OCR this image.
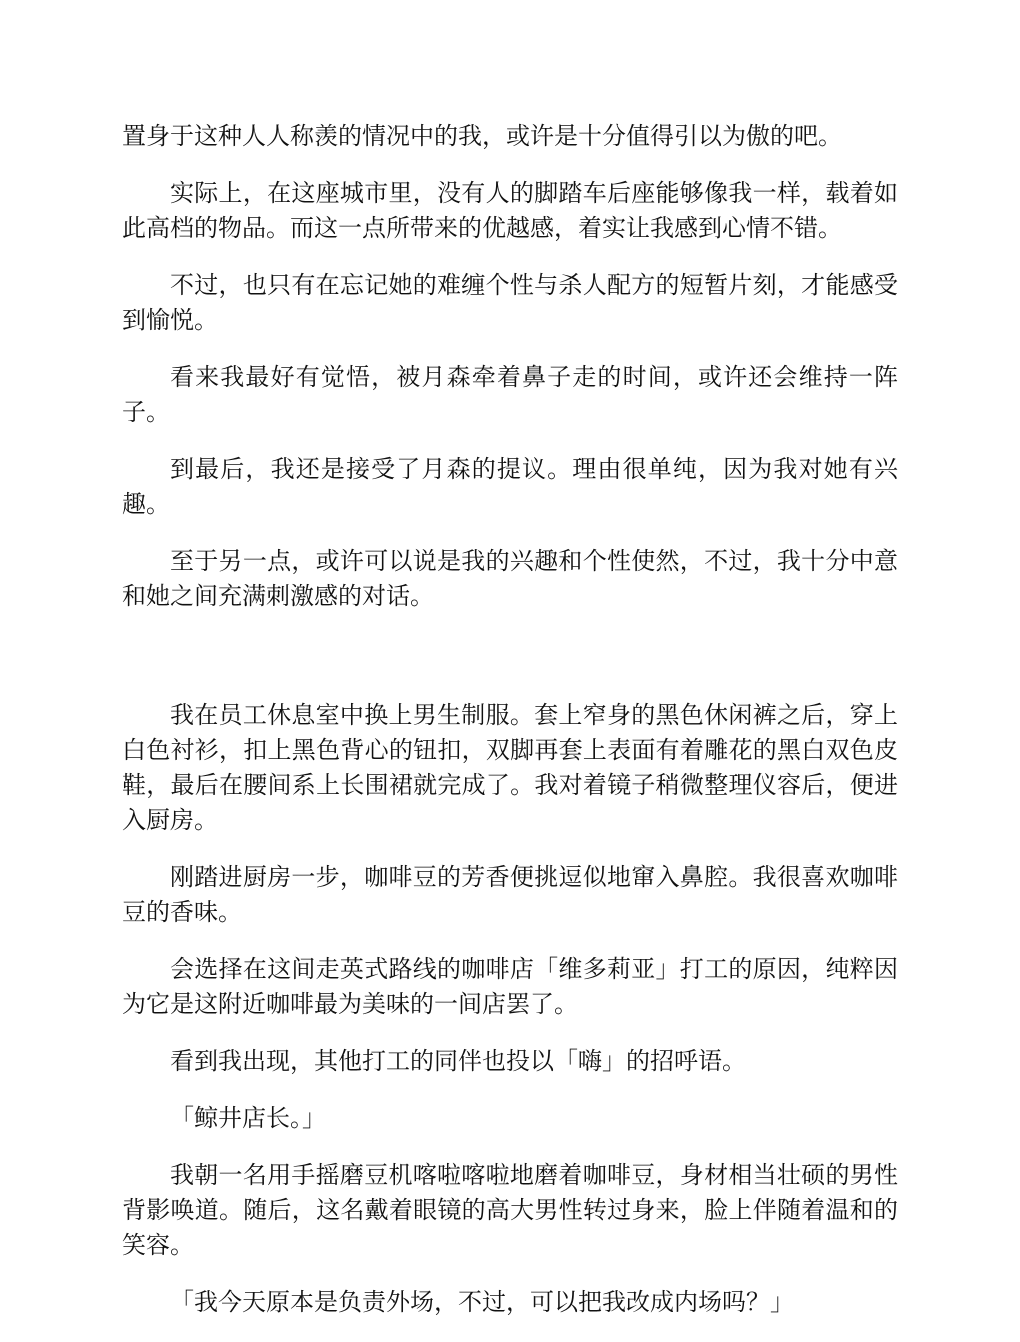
置身于这种人人称羡的情况中的我，或许是十分值得引以为傲的吧。

实际上，在这座城市里，没有人的脚踏车后座能够像我一样，载着如此高档的物品。而这一点所带来的优越感，着实让我感到心情不错。

不过，也只有在忘记她的难缠个性与杀人配方的短暂片刻，才能感受到愉悦。

看来我最好有觉悟，被月森牵着鼻子走的时间，或许还会维持一阵子。

到最后，我还是接受了月森的提议。理由很单纯，因为我对她有兴趣。

至于另一点，或许可以说是我的兴趣和个性使然，不过，我十分中意和她之间充满刺激感的对话。

我在员工休息室中换上男生制服。套上窄身的黑色休闲裤之后，穿上白色衬衫，扣上黑色背心的钮扣，双脚再套上表面有着雕花的黑白双色皮鞋，最后在腰间系上长围裙就完成了。我对着镜子稍微整理仪容后，便进入厨房。

刚踏进厨房一步，咖啡豆的芳香便挑逗似地窜入鼻腔。我很喜欢咖啡豆的香味。

会选择在这间走英式路线的咖啡店「维多莉亚」打工的原因，纯粹因为它是这附近咖啡最为美味的一间店罢了。

看到我出现，其他打工的同伴也投以「嗨」的招呼语。

「鲸井店长。」

我朝一名用手摇磨豆机喀啦喀啦地磨着咖啡豆，身材相当壮硕的男性背影唤道。随后，这名戴着眼镜的高大男性转过身来，脸上伴随着温和的笑容。

「我今天原本是负责外场，不过，可以把我改成内场吗？」
